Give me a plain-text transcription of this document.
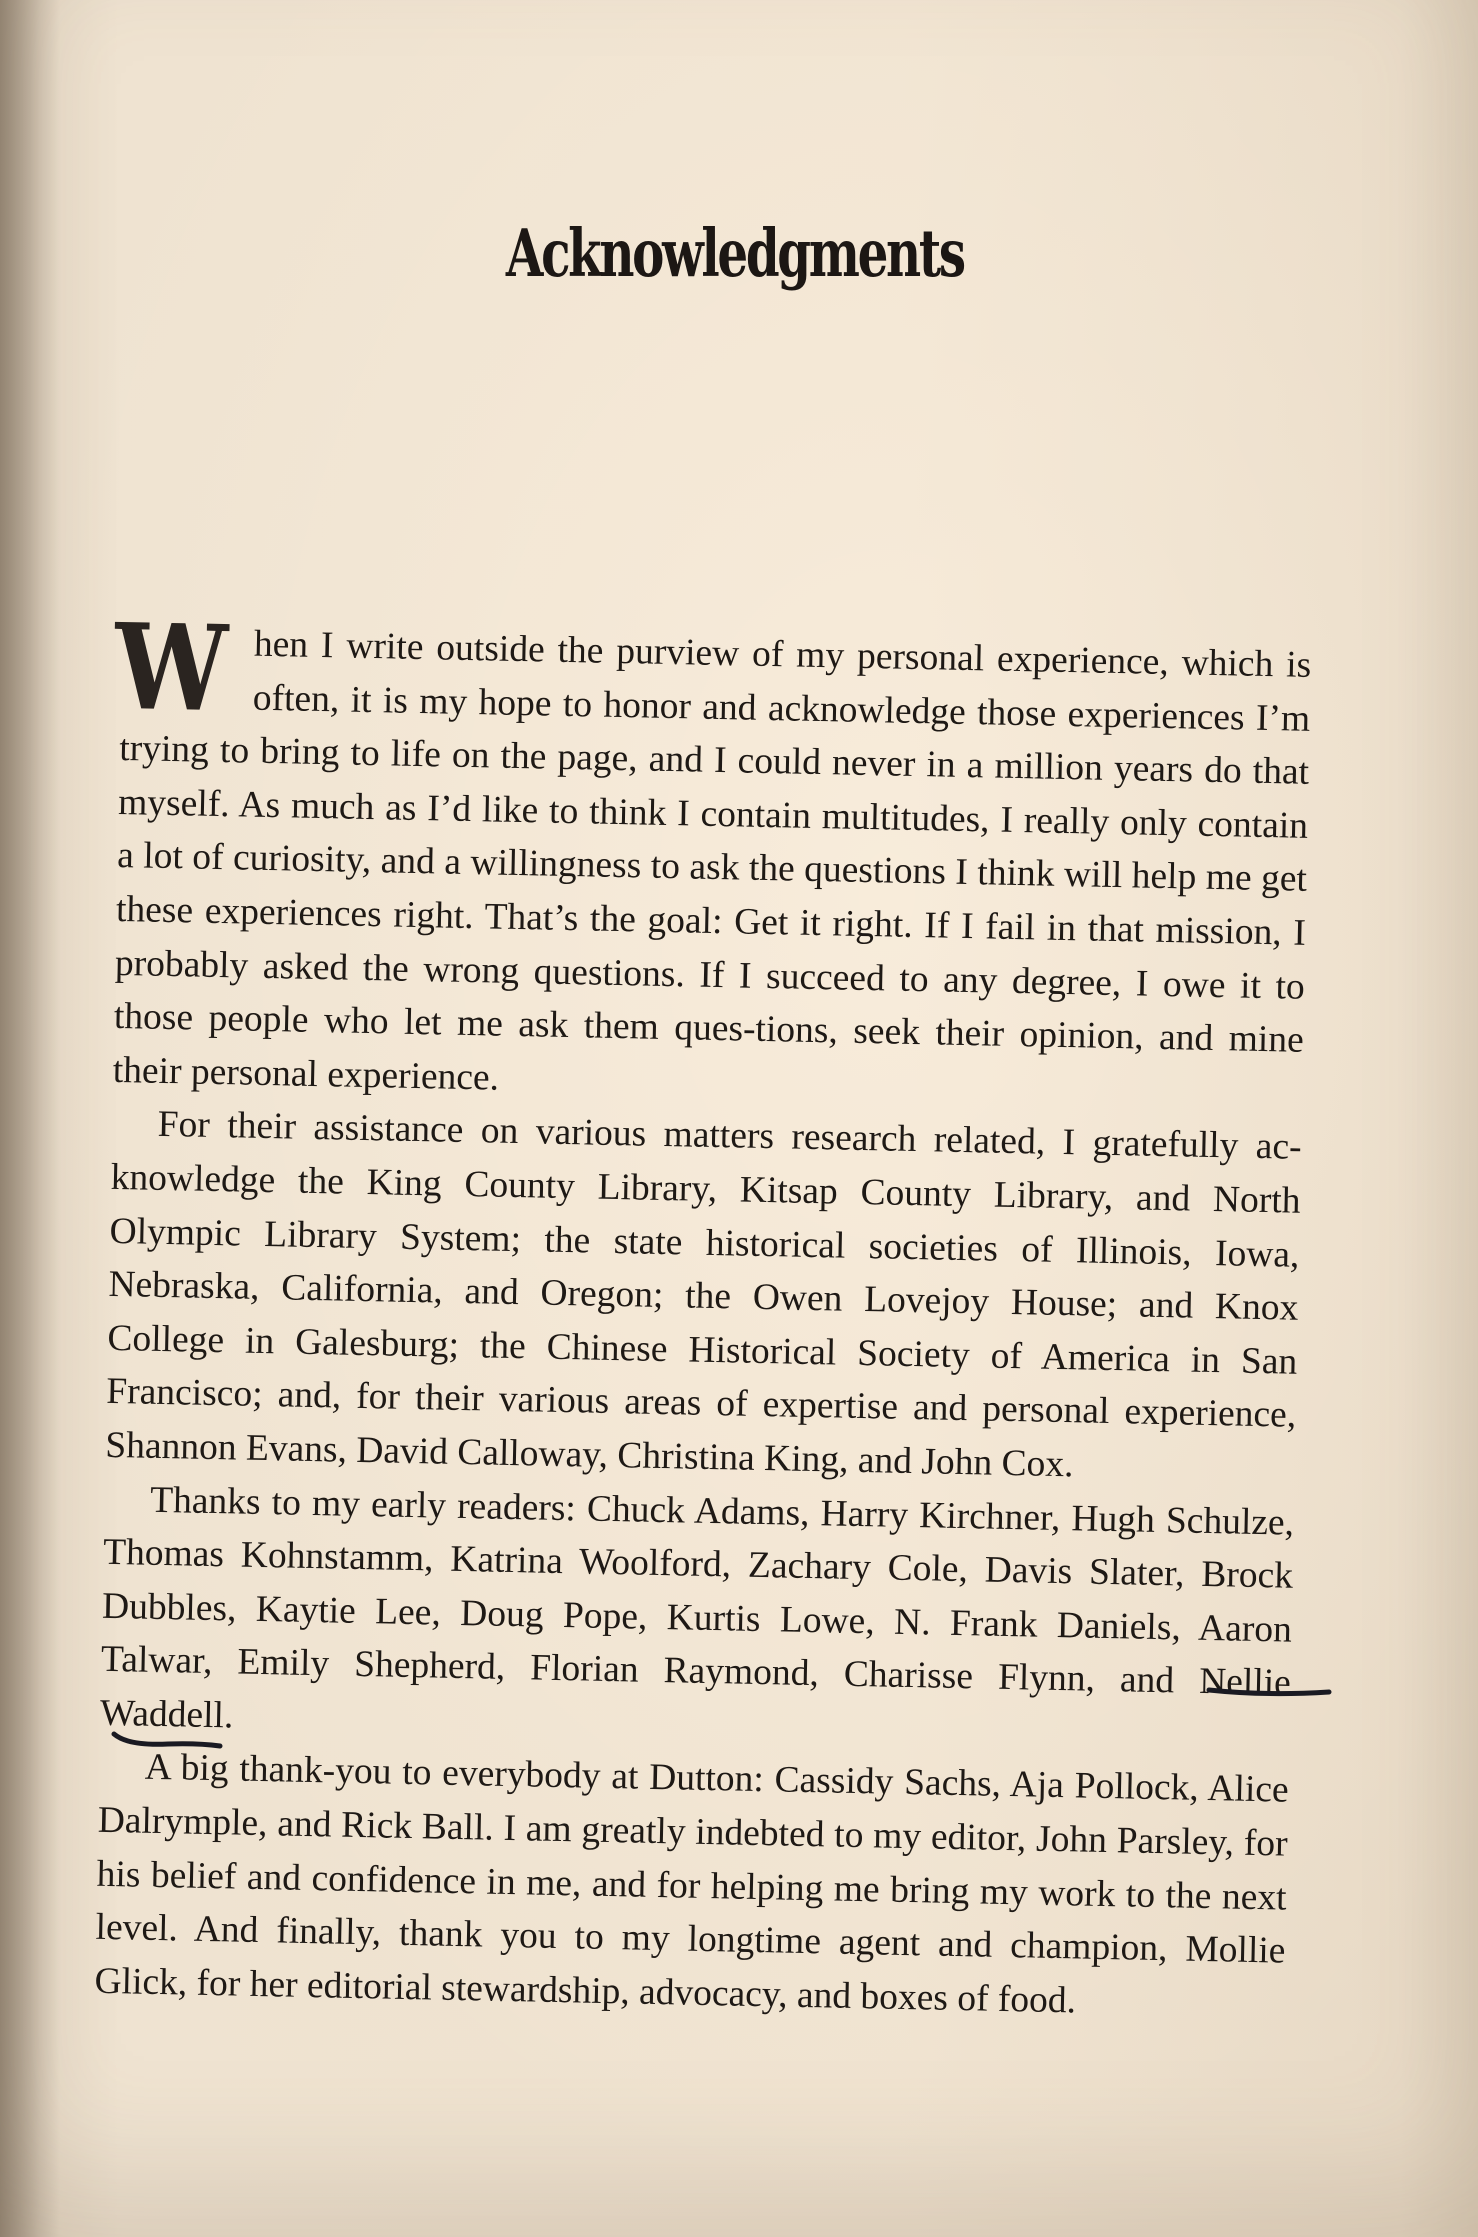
Acknowledgments

When I write outside the purview of my personal experience, which is often, it is my hope to honor and acknowledge those experiences I’m trying to bring to life on the page, and I could never in a million years do that myself. As much as I’d like to think I contain multitudes, I really only contain a lot of curiosity, and a willingness to ask the questions I think will help me get these experiences right. That’s the goal: Get it right. If I fail in that mission, I probably asked the wrong questions. If I succeed to any degree, I owe it to those people who let me ask them ques-tions, seek their opinion, and mine their personal experience.

For their assistance on various matters research related, I gratefully ac-knowledge the King County Library, Kitsap County Library, and North Olympic Library System; the state historical societies of Illinois, Iowa, Nebraska, California, and Oregon; the Owen Lovejoy House; and Knox College in Galesburg; the Chinese Historical Society of America in San Francisco; and, for their various areas of expertise and personal experience, Shannon Evans, David Calloway, Christina King, and John Cox.

Thanks to my early readers: Chuck Adams, Harry Kirchner, Hugh Schulze, Thomas Kohnstamm, Katrina Woolford, Zachary Cole, Davis Slater, Brock Dubbles, Kaytie Lee, Doug Pope, Kurtis Lowe, N. Frank Daniels, Aaron Talwar, Emily Shepherd, Florian Raymond, Charisse Flynn, and Nellie Waddell.

A big thank-you to everybody at Dutton: Cassidy Sachs, Aja Pollock, Alice Dalrymple, and Rick Ball. I am greatly indebted to my editor, John Parsley, for his belief and confidence in me, and for helping me bring my work to the next level. And finally, thank you to my longtime agent and champion, Mollie Glick, for her editorial stewardship, advocacy, and boxes of food.
